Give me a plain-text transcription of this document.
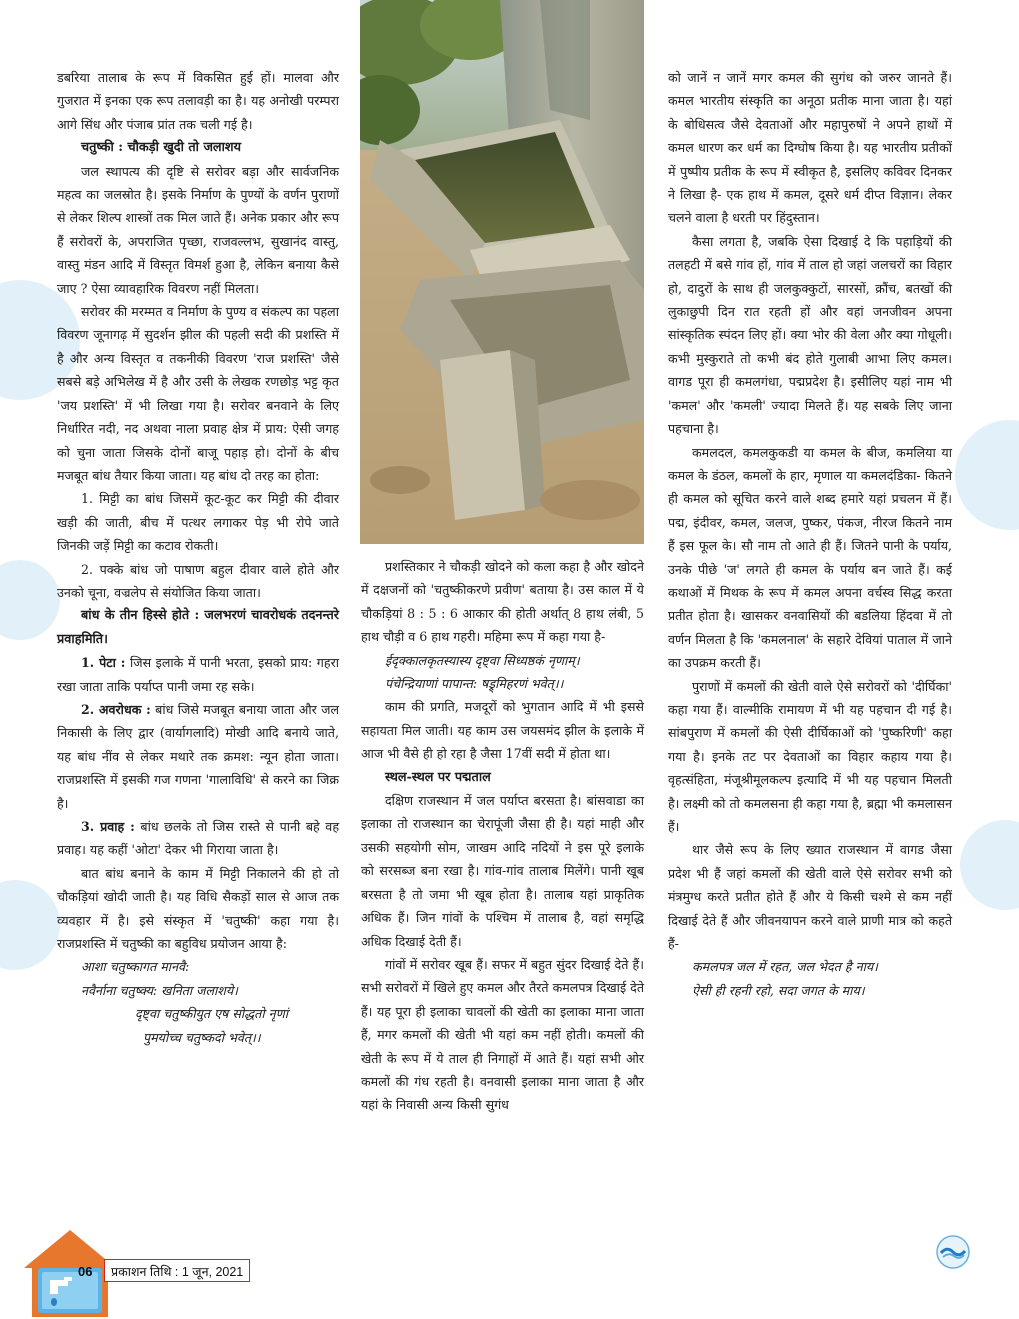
डबरिया तालाब के रूप में विकसित हुई हों। मालवा और गुजरात में इनका एक रूप तलावड़ी का है। यह अनोखी परम्परा आगे सिंध और पंजाब प्रांत तक चली गई है।

चतुष्की : चौकड़ी खुदी तो जलाशय

जल स्थापत्य की दृष्टि से सरोवर बड़ा और सार्वजनिक महत्व का जलस्रोत है। इसके निर्माण के पुण्यों के वर्णन पुराणों से लेकर शिल्प शास्त्रों तक मिल जाते हैं। अनेक प्रकार और रूप हैं सरोवरों के, अपराजित पृच्छा, राजवल्लभ, सुखानंद वास्तु, वास्तु मंडन आदि में विस्तृत विमर्श हुआ है, लेकिन बनाया कैसे जाए ? ऐसा व्यावहारिक विवरण नहीं मिलता।

सरोवर की मरम्मत व निर्माण के पुण्य व संकल्प का पहला विवरण जूनागढ़ में सुदर्शन झील की पहली सदी की प्रशस्ति में है और अन्य विस्तृत व तकनीकी विवरण 'राज प्रशस्ति' जैसे सबसे बड़े अभिलेख में है और उसी के लेखक रणछोड़ भट्ट कृत 'जय प्रशस्ति' में भी लिखा गया है। सरोवर बनवाने के लिए निर्धारित नदी, नद अथवा नाला प्रवाह क्षेत्र में प्राय: ऐसी जगह को चुना जाता जिसके दोनों बाजू पहाड़ हो। दोनों के बीच मजबूत बांध तैयार किया जाता। यह बांध दो तरह का होता:

1. मिट्टी का बांध जिसमें कूट-कूट कर मिट्टी की दीवार खड़ी की जाती, बीच में पत्थर लगाकर पेड़ भी रोपे जाते जिनकी जड़ें मिट्टी का कटाव रोकती।

2. पक्के बांध जो पाषाण बहुल दीवार वाले होते और उनको चूना, वज्रलेप से संयोजित किया जाता।

बांध के तीन हिस्से होते : जलभरणं चावरोधकं तदनन्तरे प्रवाहमिति।

1. पेटा : जिस इलाके में पानी भरता, इसको प्राय: गहरा रखा जाता ताकि पर्याप्त पानी जमा रह सके।

2. अवरोधक : बांध जिसे मजबूत बनाया जाता और जल निकासी के लिए द्वार (वार्यागलादि) मोखी आदि बनाये जाते, यह बांध नींव से लेकर मथारे तक क्रमश: न्यून होता जाता। राजप्रशस्ति में इसकी गज गणना 'गालाविधि' से करने का जिक्र है।

3. प्रवाह : बांध छलके तो जिस रास्ते से पानी बहे वह प्रवाह। यह कहीं 'ओटा' देकर भी गिराया जाता है।

बात बांध बनाने के काम में मिट्टी निकालने की हो तो चौकड़ियां खोदी जाती है। यह विधि सैकड़ों साल से आज तक व्यवहार में है। इसे संस्कृत में 'चतुष्की' कहा गया है। राजप्रशस्ति में चतुष्की का बहुविध प्रयोजन आया है:

आशा चतुष्कागत मानवै:

नवैर्नाना चतुष्क्य: खनिता जलाशये।

दृष्ट्वा चतुष्कीयुत एष सोद्धतो नृणां

पुमयोच्च चतुष्कदो भवेत्।।

प्रशस्तिकार ने चौकड़ी खोदने को कला कहा है और खोदने में दक्षजनों को 'चतुष्कीकरणे प्रवीण' बताया है। उस काल में ये चौकड़ियां 8 : 5 : 6 आकार की होती अर्थात् 8 हाथ लंबी, 5 हाथ चौड़ी व 6 हाथ गहरी। महिमा रूप में कहा गया है-

ईदृक्कालकृतस्यास्य दृष्ट्वा सिध्यष्ठकं नृणाम्।

पंचेन्द्रियाणां पापान्त: षड्र्मिहरणं भवेत्।।

काम की प्रगति, मजदूरों को भुगतान आदि में भी इससे सहायता मिल जाती। यह काम उस जयसमंद झील के इलाके में आज भी वैसे ही हो रहा है जैसा 17वीं सदी में होता था।

स्थल-स्थल पर पद्मताल

दक्षिण राजस्थान में जल पर्याप्त बरसता है। बांसवाडा का इलाका तो राजस्थान का चेरापूंजी जैसा ही है। यहां माही और उसकी सहयोगी सोम, जाखम आदि नदियों ने इस पूरे इलाके को सरसब्ज बना रखा है। गांव-गांव तालाब मिलेंगे। पानी खूब बरसता है तो जमा भी खूब होता है। तालाब यहां प्राकृतिक अधिक हैं। जिन गांवों के पश्चिम में तालाब है, वहां समृद्धि अधिक दिखाई देती हैं।

गांवों में सरोवर खूब हैं। सफर में बहुत सुंदर दिखाई देते हैं। सभी सरोवरों में खिले हुए कमल और तैरते कमलपत्र दिखाई देते हैं। यह पूरा ही इलाका चावलों की खेती का इलाका माना जाता हैं, मगर कमलों की खेती भी यहां कम नहीं होती। कमलों की खेती के रूप में ये ताल ही निगाहों में आते हैं। यहां सभी ओर कमलों की गंध रहती है। वनवासी इलाका माना जाता है और यहां के निवासी अन्य किसी सुगंध

को जानें न जानें मगर कमल की सुगंध को जरुर जानते हैं। कमल भारतीय संस्कृति का अनूठा प्रतीक माना जाता है। यहां के बोधिसत्व जैसे देवताओं और महापुरुषों ने अपने हाथों में कमल धारण कर धर्म का दिग्घोष किया है। यह भारतीय प्रतीकों में पुष्पीय प्रतीक के रूप में स्वीकृत है, इसलिए कविवर दिनकर ने लिखा है- एक हाथ में कमल, दूसरे धर्म दीप्त विज्ञान। लेकर चलने वाला है धरती पर हिंदुस्तान।

कैसा लगता है, जबकि ऐसा दिखाई दे कि पहाड़ियों की तलहटी में बसे गांव हों, गांव में ताल हो जहां जलचरों का विहार हो, दादुरों के साथ ही जलकुक्कुटों, सारसों, क्रौंच, बतखों की लुकाछुपी दिन रात रहती हों और वहां जनजीवन अपना सांस्कृतिक स्पंदन लिए हों। क्या भोर की वेला और क्या गोधूली। कभी मुस्कुराते तो कभी बंद होते गुलाबी आभा लिए कमल। वागड पूरा ही कमलगंधा, पद्मप्रदेश है। इसीलिए यहां नाम भी 'कमल' और 'कमली' ज्यादा मिलते हैं। यह सबके लिए जाना पहचाना है।

कमलदल, कमलकुकडी या कमल के बीज, कमलिया या कमल के डंठल, कमलों के हार, मृणाल या कमलदंडिका- कितने ही कमल को सूचित करने वाले शब्द हमारे यहां प्रचलन में हैं। पद्म, इंदीवर, कमल, जलज, पुष्कर, पंकज, नीरज कितने नाम हैं इस फूल के। सौ नाम तो आते ही हैं। जितने पानी के पर्याय, उनके पीछे 'ज' लगते ही कमल के पर्याय बन जाते हैं। कई कथाओं में मिथक के रूप में कमल अपना वर्चस्व सिद्ध करता प्रतीत होता है। खासकर वनवासियों की बडलिया हिंदवा में तो वर्णन मिलता है कि 'कमलनाल' के सहारे देवियां पाताल में जाने का उपक्रम करती हैं।

पुराणों में कमलों की खेती वाले ऐसे सरोवरों को 'दीर्घिका' कहा गया हैं। वाल्मीकि रामायण में भी यह पहचान दी गई है। सांबपुराण में कमलों की ऐसी दीर्घिकाओं को 'पुष्करिणी' कहा गया है। इनके तट पर देवताओं का विहार कहाय गया है। वृहत्संहिता, मंजूश्रीमूलकल्प इत्यादि में भी यह पहचान मिलती है। लक्ष्मी को तो कमलसना ही कहा गया है, ब्रह्मा भी कमलासन हैं।

थार जैसे रूप के लिए ख्यात राजस्थान में वागड जैसा प्रदेश भी हैं जहां कमलों की खेती वाले ऐसे सरोवर सभी को मंत्रमुग्ध करते प्रतीत होते हैं और ये किसी चश्मे से कम नहीं दिखाई देते हैं और जीवनयापन करने वाले प्राणी मात्र को कहते हैं-

कमलपत्र जल में रहत, जल भेदत है नाय।

ऐसी ही रहनी रहो, सदा जगत के माय।

06	प्रकाशन तिथि : 1 जून, 2021
